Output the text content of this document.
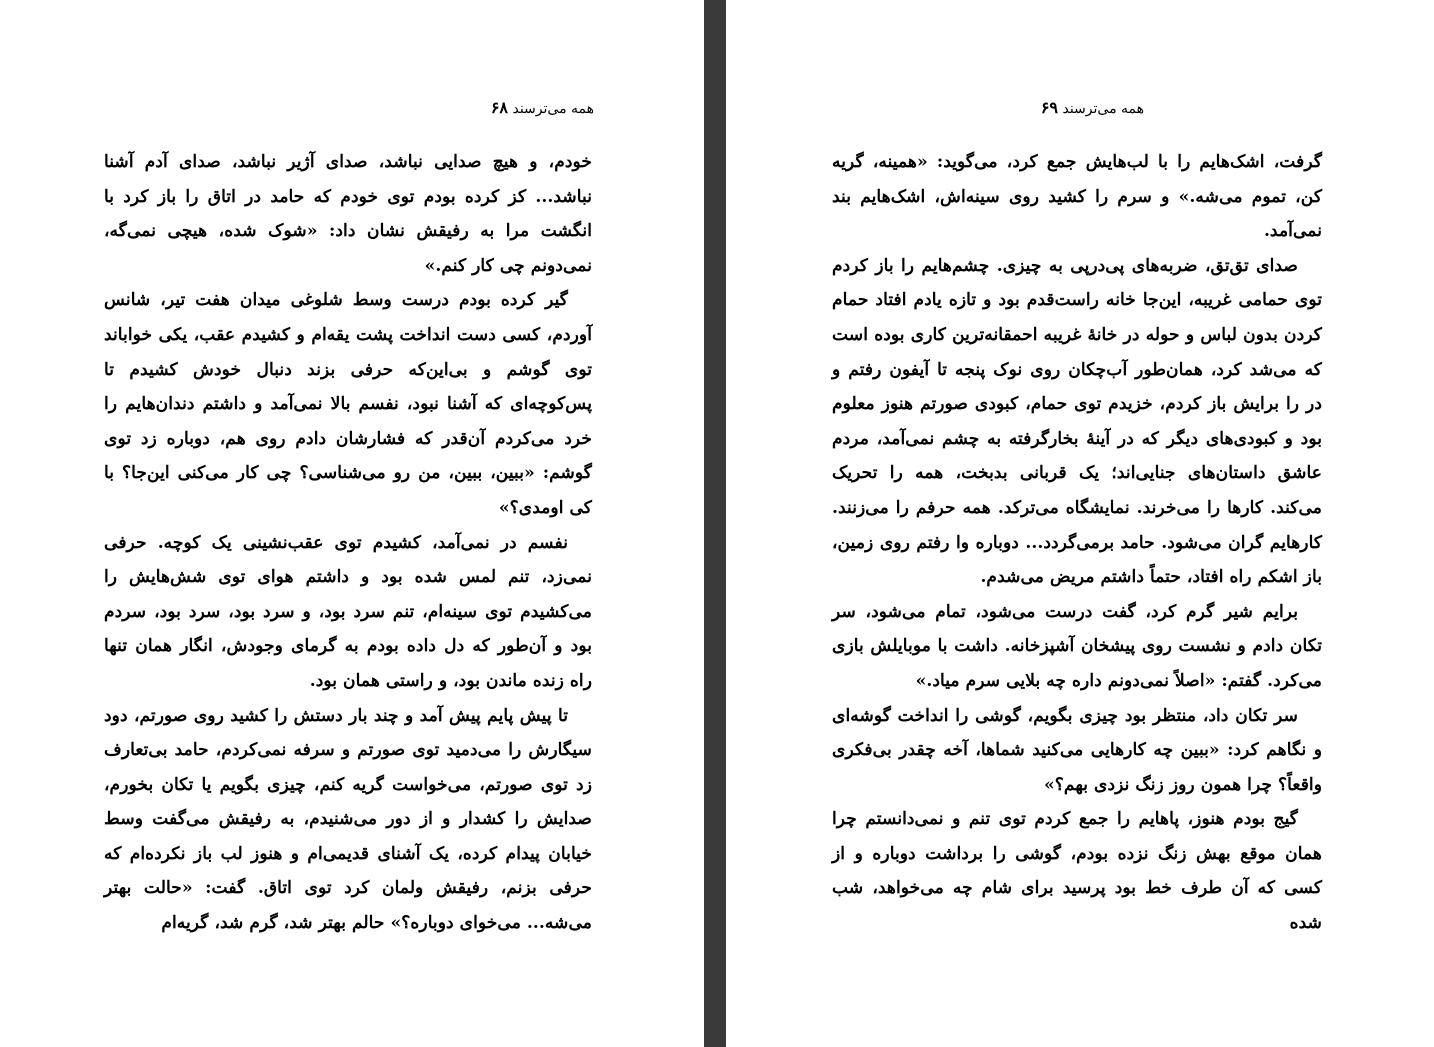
همه می‌ترسند ۶۸

خودم، و هیچ صدایی نباشد، صدای آژیر نباشد، صدای آدم آشنا نباشد... کز کرده بودم توی خودم که حامد در اتاق را باز کرد با انگشت مرا به رفیقش نشان داد: «شوک شده، هیچی نمی‌گه، نمی‌دونم چی کار کنم.»

گیر کرده بودم درست وسط شلوغی میدان هفت تیر، شانس آوردم، کسی دست انداخت پشت یقه‌ام و کشیدم عقب، یکی خواباند توی گوشم و بی‌این‌که حرفی بزند دنبال خودش کشیدم تا پس‌کوچه‌ای که آشنا نبود، نفسم بالا نمی‌آمد و داشتم دندان‌هایم را خرد می‌کردم آن‌قدر که فشارشان دادم روی هم، دوباره زد توی گوشم: «ببین، ببین، من رو می‌شناسی؟ چی کار می‌کنی این‌جا؟ با کی اومدی؟»

نفسم در نمی‌آمد، کشیدم توی عقب‌نشینی یک کوچه. حرفی نمی‌زد، تنم لمس شده بود و داشتم هوای توی شش‌هایش را می‌کشیدم توی سینه‌ام، تنم سرد بود، و سرد بود، سرد بود، سردم بود و آن‌طور که دل داده بودم به گرمای وجودش، انگار همان تنها راه زنده ماندن بود، و راستی همان بود.

تا پیش پایم پیش آمد و چند بار دستش را کشید روی صورتم، دود سیگارش را می‌دمید توی صورتم و سرفه نمی‌کردم، حامد بی‌تعارف زد توی صورتم، می‌خواست گریه کنم، چیزی بگویم یا تکان بخورم، صدایش را کشدار و از دور می‌شنیدم، به رفیقش می‌گفت وسط خیابان پیدام کرده، یک آشنای قدیمی‌ام و هنوز لب باز نکرده‌ام که حرفی بزنم، رفیقش ولمان کرد توی اتاق. گفت: «حالت بهتر می‌شه... می‌خوای دوباره؟» حالم بهتر شد، گرم شد، گریه‌ام

همه می‌ترسند ۶۹

گرفت، اشک‌هایم را با لب‌هایش جمع کرد، می‌گوید: «همینه، گریه کن، تموم می‌شه.» و سرم را کشید روی سینه‌اش، اشک‌هایم بند نمی‌آمد.

صدای تق‌تق، ضربه‌های پی‌درپی به چیزی. چشم‌هایم را باز کردم توی حمامی غریبه، این‌جا خانه راست‌قدم بود و تازه یادم افتاد حمام کردن بدون لباس و حوله در خانهٔ غریبه احمقانه‌ترین کاری بوده است که می‌شد کرد، همان‌طور آب‌چکان روی نوک پنجه تا آیفون رفتم و در را برایش باز کردم، خزیدم توی حمام، کبودی صورتم هنوز معلوم بود و کبودی‌های دیگر که در آینهٔ بخارگرفته به چشم نمی‌آمد، مردم عاشق داستان‌های جنایی‌اند؛ یک قربانی بدبخت، همه را تحریک می‌کند. کارها را می‌خرند. نمایشگاه می‌ترکد. همه حرفم را می‌زنند. کارهایم گران می‌شود. حامد برمی‌گردد... دوباره وا رفتم روی زمین، باز اشکم راه افتاد، حتماً داشتم مریض می‌شدم.

برایم شیر گرم کرد، گفت درست می‌شود، تمام می‌شود، سر تکان دادم و نشست روی پیشخان آشپزخانه. داشت با موبایلش بازی می‌کرد. گفتم: «اصلاً نمی‌دونم داره چه بلایی سرم میاد.»

سر تکان داد، منتظر بود چیزی بگویم، گوشی را انداخت گوشه‌ای و نگاهم کرد: «ببین چه کارهایی می‌کنید شماها، آخه چقدر بی‌فکری واقعاً؟ چرا همون روز زنگ نزدی بهم؟»

گیج بودم هنوز، پاهایم را جمع کردم توی تنم و نمی‌دانستم چرا همان موقع بهش زنگ نزده بودم، گوشی را برداشت دوباره و از کسی که آن طرف خط بود پرسید برای شام چه می‌خواهد، شب شده
